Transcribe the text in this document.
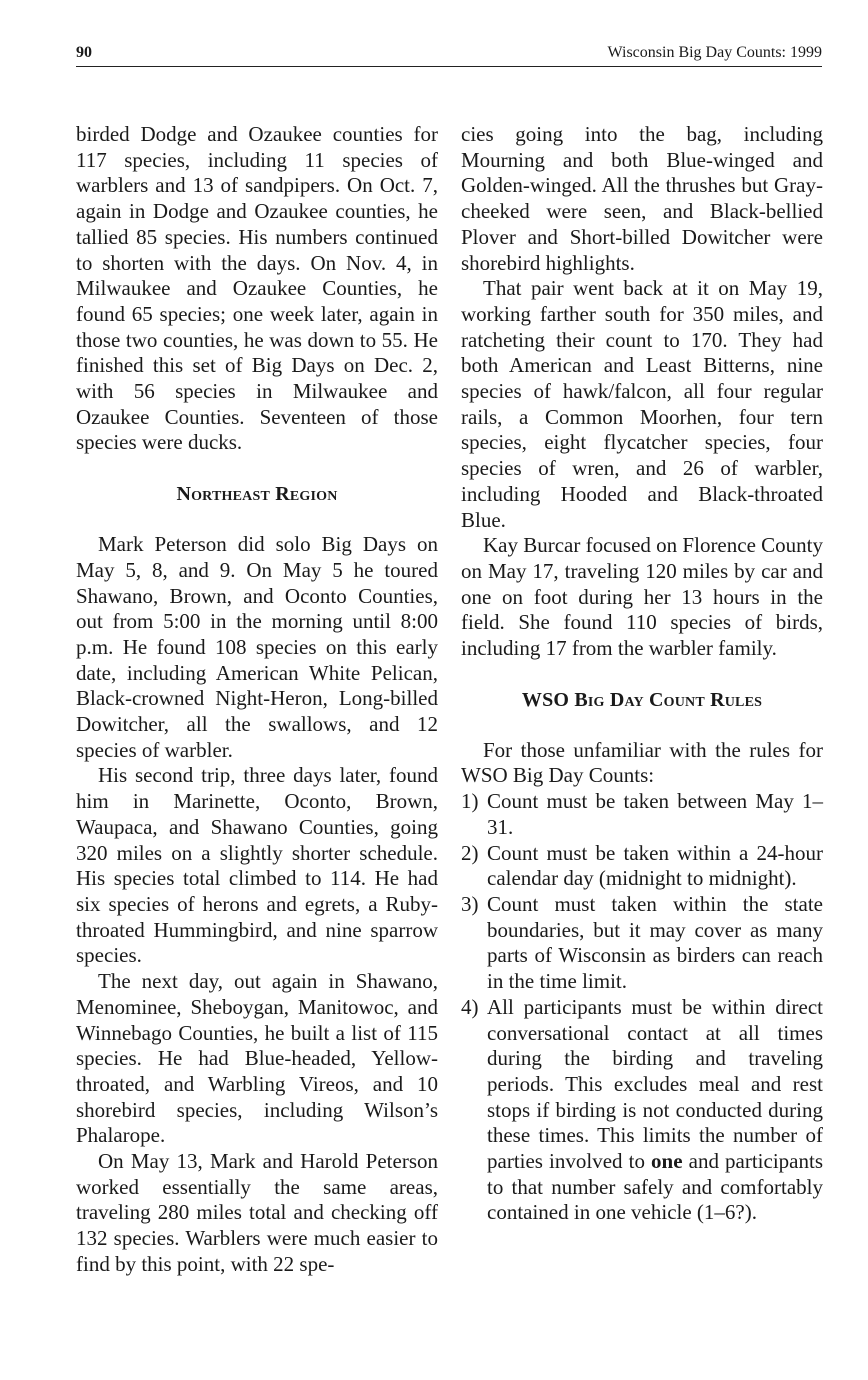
90	Wisconsin Big Day Counts: 1999

birded Dodge and Ozaukee counties for 117 species, including 11 species of warblers and 13 of sandpipers. On Oct. 7, again in Dodge and Ozaukee counties, he tallied 85 species. His numbers continued to shorten with the days. On Nov. 4, in Milwaukee and Ozaukee Counties, he found 65 species; one week later, again in those two counties, he was down to 55. He finished this set of Big Days on Dec. 2, with 56 species in Milwaukee and Ozaukee Counties. Seventeen of those species were ducks.

Northeast Region

Mark Peterson did solo Big Days on May 5, 8, and 9. On May 5 he toured Shawano, Brown, and Oconto Counties, out from 5:00 in the morning until 8:00 p.m. He found 108 species on this early date, including American White Pelican, Black-crowned Night-Heron, Long-billed Dowitcher, all the swallows, and 12 species of warbler.

His second trip, three days later, found him in Marinette, Oconto, Brown, Waupaca, and Shawano Counties, going 320 miles on a slightly shorter schedule. His species total climbed to 114. He had six species of herons and egrets, a Ruby-throated Hummingbird, and nine sparrow species.

The next day, out again in Shawano, Menominee, Sheboygan, Manitowoc, and Winnebago Counties, he built a list of 115 species. He had Blue-headed, Yellow-throated, and Warbling Vireos, and 10 shorebird species, including Wilson’s Phalarope.

On May 13, Mark and Harold Peterson worked essentially the same areas, traveling 280 miles total and checking off 132 species. Warblers were much easier to find by this point, with 22 spe-

cies going into the bag, including Mourning and both Blue-winged and Golden-winged. All the thrushes but Gray-cheeked were seen, and Black-bellied Plover and Short-billed Dowitcher were shorebird highlights.

That pair went back at it on May 19, working farther south for 350 miles, and ratcheting their count to 170. They had both American and Least Bitterns, nine species of hawk/falcon, all four regular rails, a Common Moorhen, four tern species, eight flycatcher species, four species of wren, and 26 of warbler, including Hooded and Black-throated Blue.

Kay Burcar focused on Florence County on May 17, traveling 120 miles by car and one on foot during her 13 hours in the field. She found 110 species of birds, including 17 from the warbler family.

WSO Big Day Count Rules

For those unfamiliar with the rules for WSO Big Day Counts:

1) Count must be taken between May 1–31.
2) Count must be taken within a 24-hour calendar day (midnight to midnight).
3) Count must taken within the state boundaries, but it may cover as many parts of Wisconsin as birders can reach in the time limit.
4) All participants must be within direct conversational contact at all times during the birding and traveling periods. This excludes meal and rest stops if birding is not conducted during these times. This limits the number of parties involved to one and participants to that number safely and comfortably contained in one vehicle (1–6?).
